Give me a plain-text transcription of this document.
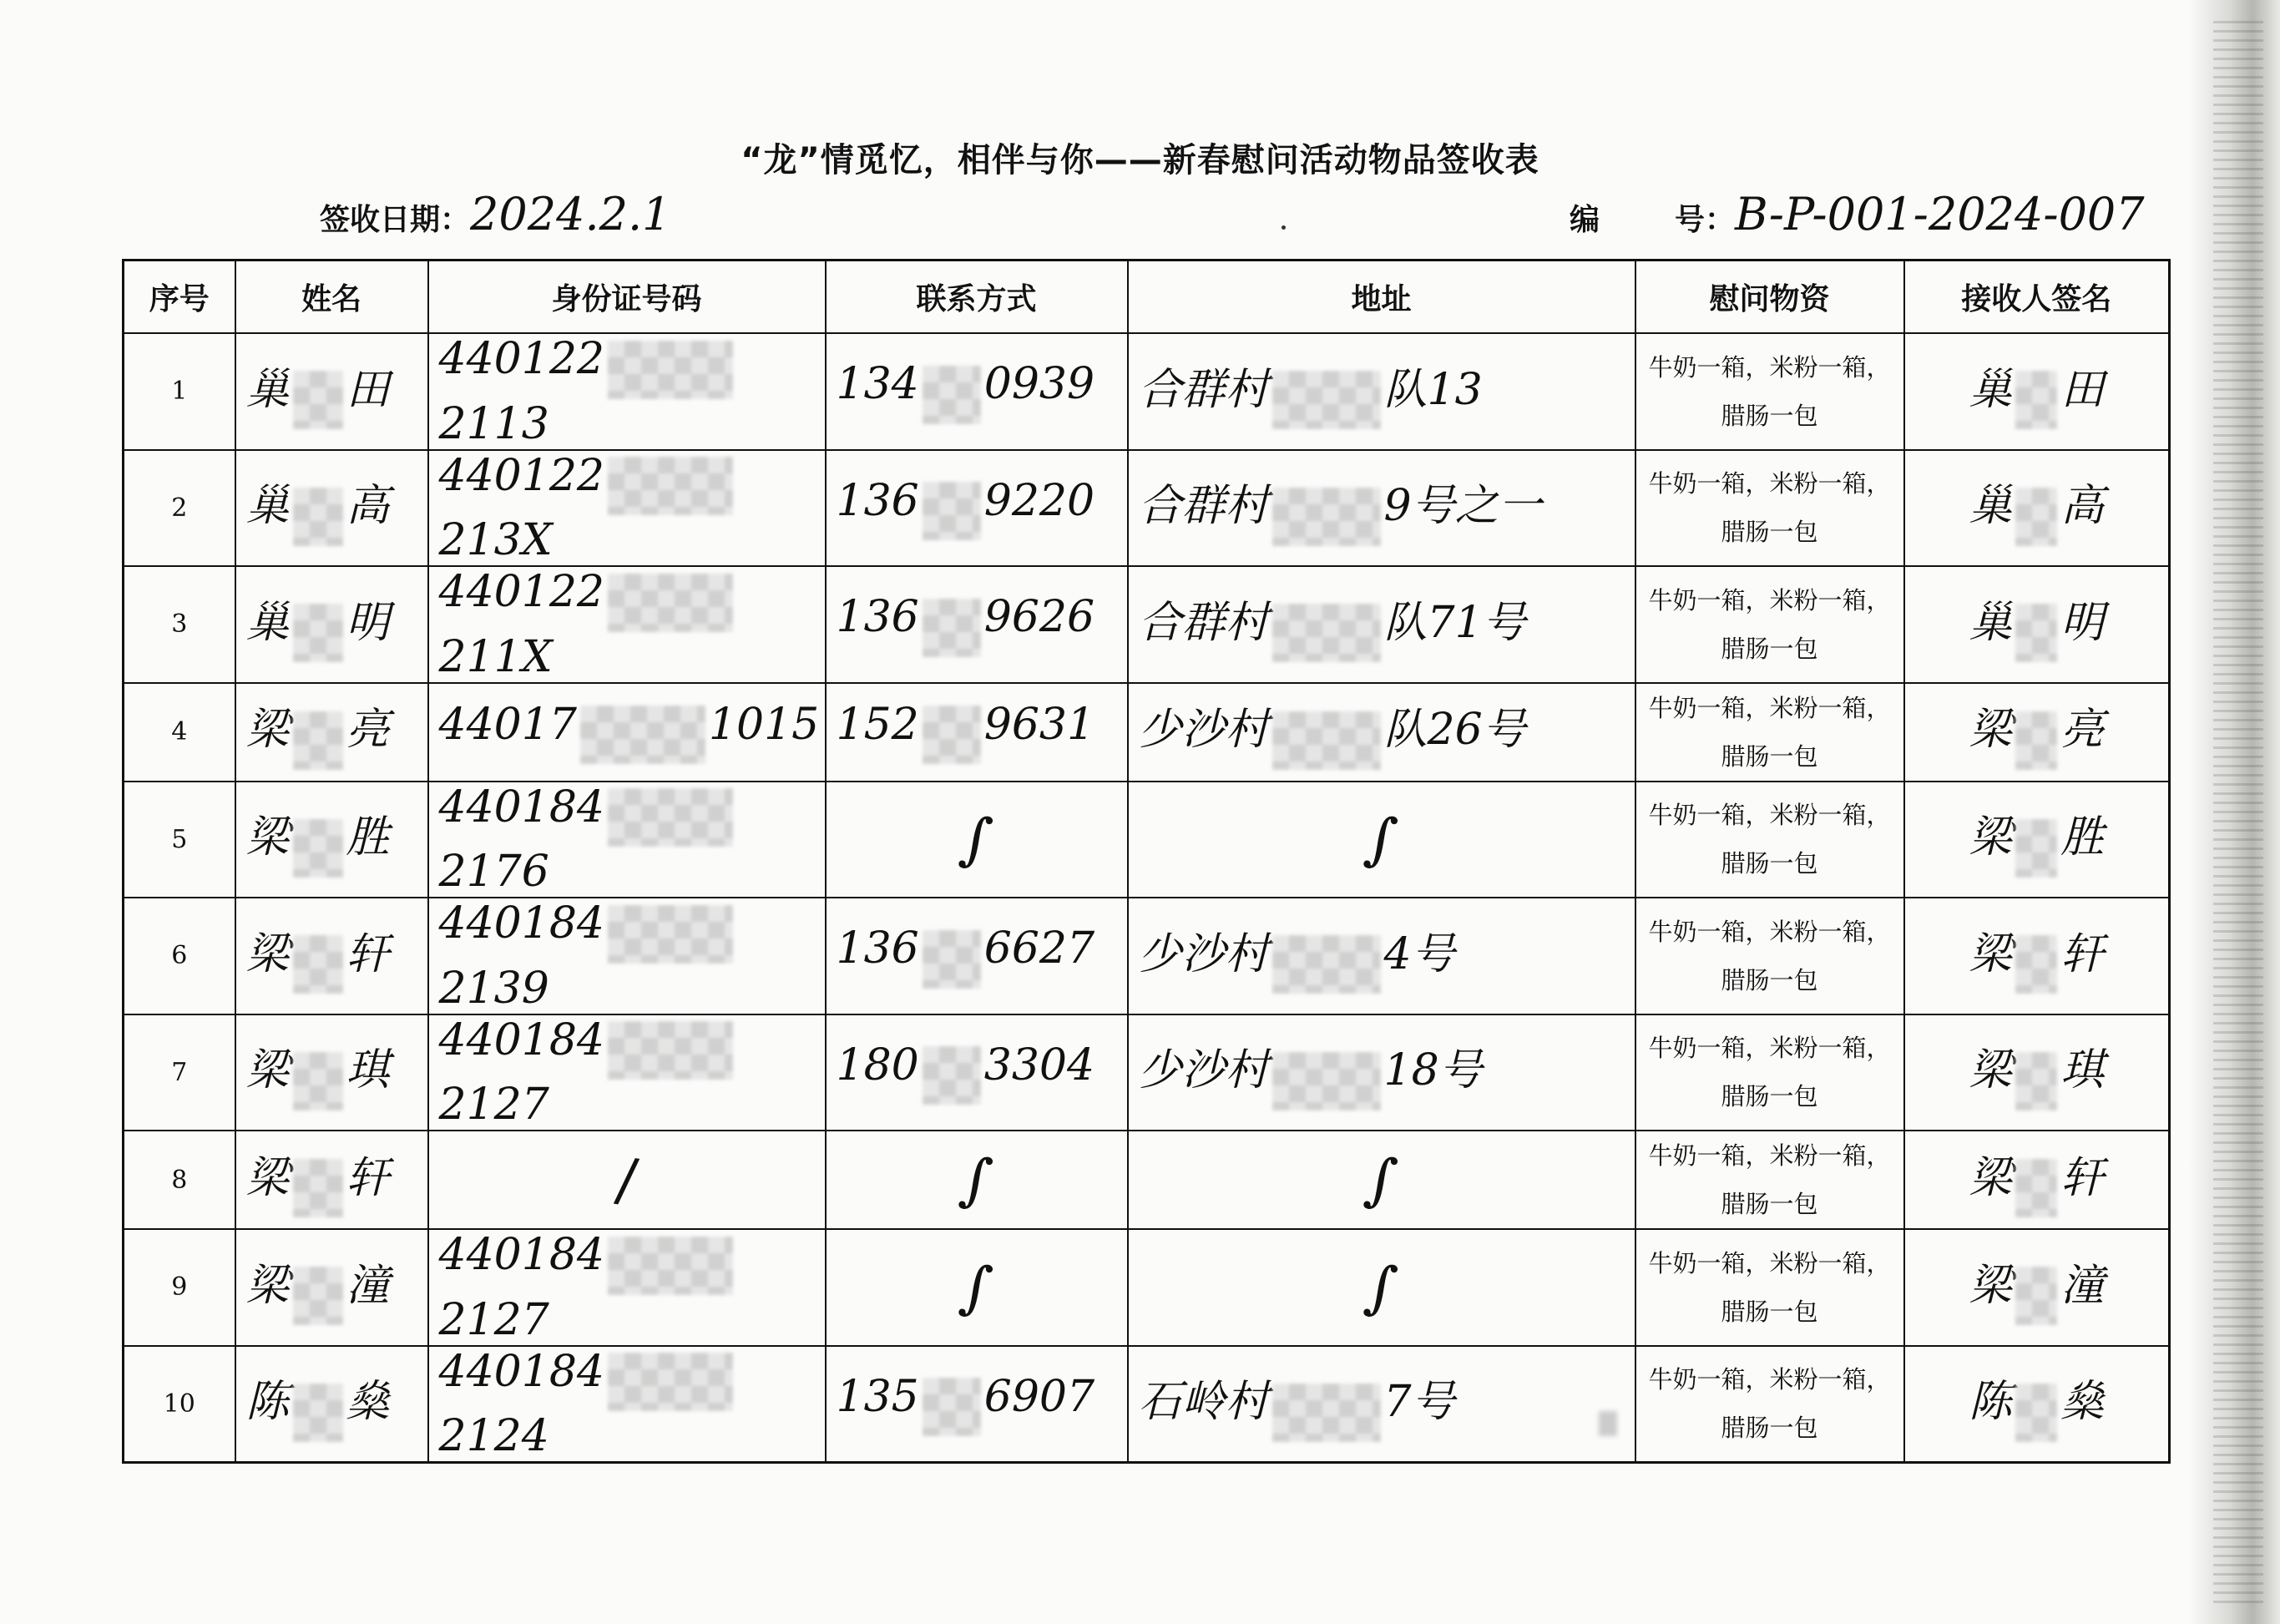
“龙”情觅忆，相伴与你——新春慰问活动物品签收表
签收日期：2024.2.1	编	号：B-P-001-2024-007
序号	姓名	身份证号码	联系方式	地址	慰问物资	接收人签名
1	巢 田	4401222113	134 0939	合群村 队13	牛奶一箱，米粉一箱，
腊肠一包	巢 田
2	巢 高	440122213X	136 9220	合群村 9号之一	牛奶一箱，米粉一箱，
腊肠一包	巢 高
3	巢 明	440122211X	136 9626	合群村 队71号	牛奶一箱，米粉一箱，
腊肠一包	巢 明
4	梁 亮	44017 1015	152 9631	少沙村 队26号	牛奶一箱，米粉一箱，
腊肠一包	梁 亮
5	梁 胜	4401842176	∫	∫	牛奶一箱，米粉一箱，
腊肠一包	梁 胜
6	梁 轩	4401842139	136 6627	少沙村 4号	牛奶一箱，米粉一箱，
腊肠一包	梁 轩
7	梁 琪	4401842127	180 3304	少沙村 18号	牛奶一箱，米粉一箱，
腊肠一包	梁 琪
8	梁 轩	/	∫	∫	牛奶一箱，米粉一箱，
腊肠一包	梁 轩
9	梁 潼	4401842127	∫	∫	牛奶一箱，米粉一箱，
腊肠一包	梁 潼
10	陈 燊	4401842124	135 6907	石岭村 7号	牛奶一箱，米粉一箱，
腊肠一包	陈 燊
